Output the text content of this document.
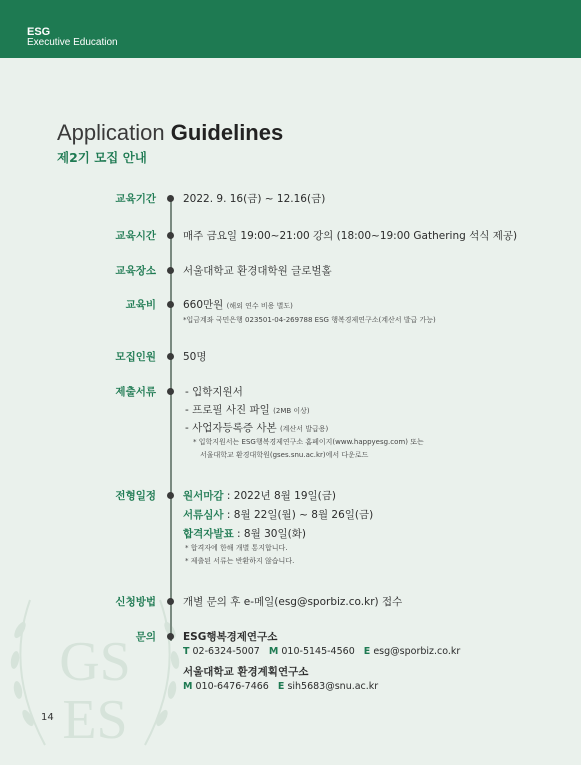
ESG
Executive Education
GS
ES
Application Guidelines
제2기 모집 안내
교육기간	2022. 9. 16(금) ~ 12.16(금)
교육시간	매주 금요일 19:00~21:00 강의 (18:00~19:00 Gathering 석식 제공)
교육장소	서울대학교 환경대학원 글로벌홀
교육비	660만원 (해외 연수 비용 별도)
*입금계좌 국민은행 023501-04-269788 ESG 행복경제연구소(계산서 발급 가능)
모집인원	50명
제출서류	- 입학지원서
- 프로필 사진 파일 (2MB 이상)
- 사업자등록증 사본 (계산서 발급용)
* 입학지원서는 ESG행복경제연구소 홈페이지(www.happyesg.com) 또는
서울대학교 환경대학원(gses.snu.ac.kr)에서 다운로드
전형일정	원서마감 : 2022년 8월 19일(금)
서류심사 : 8월 22일(월) ~ 8월 26일(금)
합격자발표 : 8월 30일(화)
* 합격자에 한해 개별 통지합니다.
* 제출된 서류는 반환하지 않습니다.
신청방법	개별 문의 후 e-메일(esg@sporbiz.co.kr) 접수
문의	ESG행복경제연구소
T 02-6324-5007 M 010-5145-4560 E esg@sporbiz.co.kr
서울대학교 환경계획연구소
M 010-6476-7466 E sih5683@snu.ac.kr
14
